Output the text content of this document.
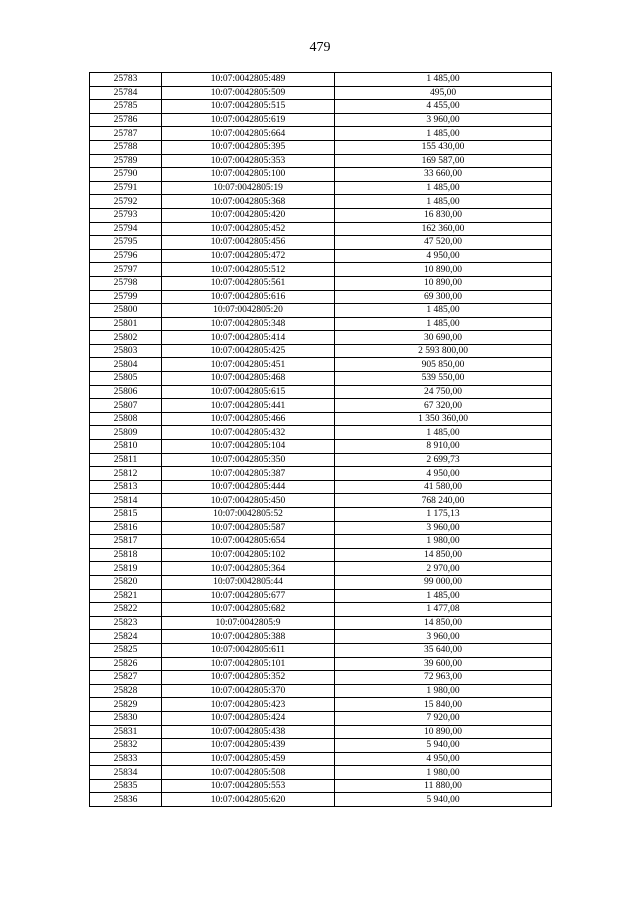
479
25783	10:07:0042805:489	1 485,00
25784	10:07:0042805:509	495,00
25785	10:07:0042805:515	4 455,00
25786	10:07:0042805:619	3 960,00
25787	10:07:0042805:664	1 485,00
25788	10:07:0042805:395	155 430,00
25789	10:07:0042805:353	169 587,00
25790	10:07:0042805:100	33 660,00
25791	10:07:0042805:19	1 485,00
25792	10:07:0042805:368	1 485,00
25793	10:07:0042805:420	16 830,00
25794	10:07:0042805:452	162 360,00
25795	10:07:0042805:456	47 520,00
25796	10:07:0042805:472	4 950,00
25797	10:07:0042805:512	10 890,00
25798	10:07:0042805:561	10 890,00
25799	10:07:0042805:616	69 300,00
25800	10:07:0042805:20	1 485,00
25801	10:07:0042805:348	1 485,00
25802	10:07:0042805:414	30 690,00
25803	10:07:0042805:425	2 593 800,00
25804	10:07:0042805:451	905 850,00
25805	10:07:0042805:468	539 550,00
25806	10:07:0042805:615	24 750,00
25807	10:07:0042805:441	67 320,00
25808	10:07:0042805:466	1 350 360,00
25809	10:07:0042805:432	1 485,00
25810	10:07:0042805:104	8 910,00
25811	10:07:0042805:350	2 699,73
25812	10:07:0042805:387	4 950,00
25813	10:07:0042805:444	41 580,00
25814	10:07:0042805:450	768 240,00
25815	10:07:0042805:52	1 175,13
25816	10:07:0042805:587	3 960,00
25817	10:07:0042805:654	1 980,00
25818	10:07:0042805:102	14 850,00
25819	10:07:0042805:364	2 970,00
25820	10:07:0042805:44	99 000,00
25821	10:07:0042805:677	1 485,00
25822	10:07:0042805:682	1 477,08
25823	10:07:0042805:9	14 850,00
25824	10:07:0042805:388	3 960,00
25825	10:07:0042805:611	35 640,00
25826	10:07:0042805:101	39 600,00
25827	10:07:0042805:352	72 963,00
25828	10:07:0042805:370	1 980,00
25829	10:07:0042805:423	15 840,00
25830	10:07:0042805:424	7 920,00
25831	10:07:0042805:438	10 890,00
25832	10:07:0042805:439	5 940,00
25833	10:07:0042805:459	4 950,00
25834	10:07:0042805:508	1 980,00
25835	10:07:0042805:553	11 880,00
25836	10:07:0042805:620	5 940,00
